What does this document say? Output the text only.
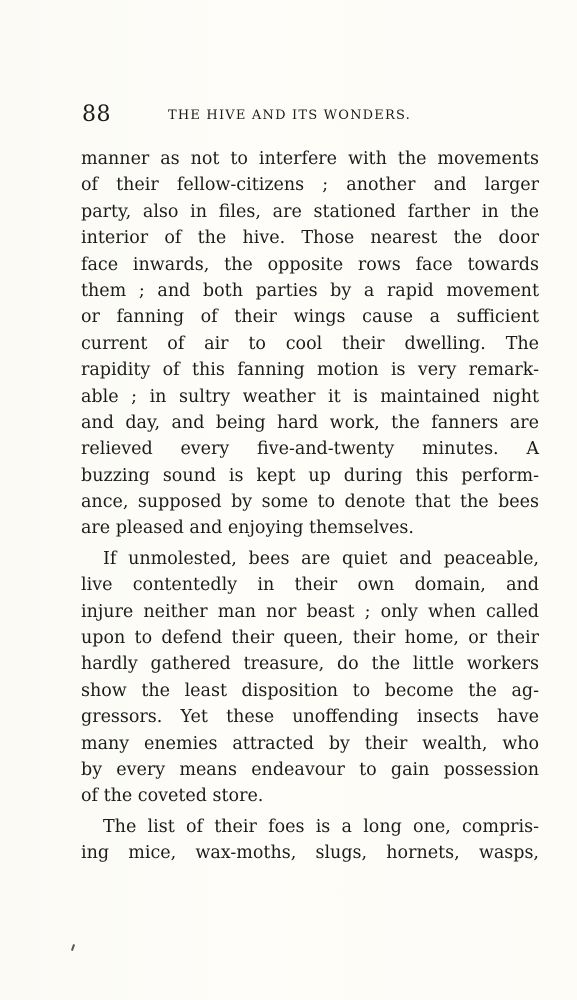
88	THE HIVE AND ITS WONDERS.
manner as not to interfere with the movements
of their fellow-citizens ; another and larger
party, also in files, are stationed farther in the
interior of the hive. Those nearest the door
face inwards, the opposite rows face towards
them ; and both parties by a rapid movement
or fanning of their wings cause a sufficient
current of air to cool their dwelling. The
rapidity of this fanning motion is very remark-
able ; in sultry weather it is maintained night
and day, and being hard work, the fanners are
relieved every five-and-twenty minutes. A
buzzing sound is kept up during this perform-
ance, supposed by some to denote that the bees
are pleased and enjoying themselves.
If unmolested, bees are quiet and peaceable,
live contentedly in their own domain, and
injure neither man nor beast ; only when called
upon to defend their queen, their home, or their
hardly gathered treasure, do the little workers
show the least disposition to become the ag-
gressors. Yet these unoffending insects have
many enemies attracted by their wealth, who
by every means endeavour to gain possession
of the coveted store.
The list of their foes is a long one, compris-
ing mice, wax-moths, slugs, hornets, wasps,
